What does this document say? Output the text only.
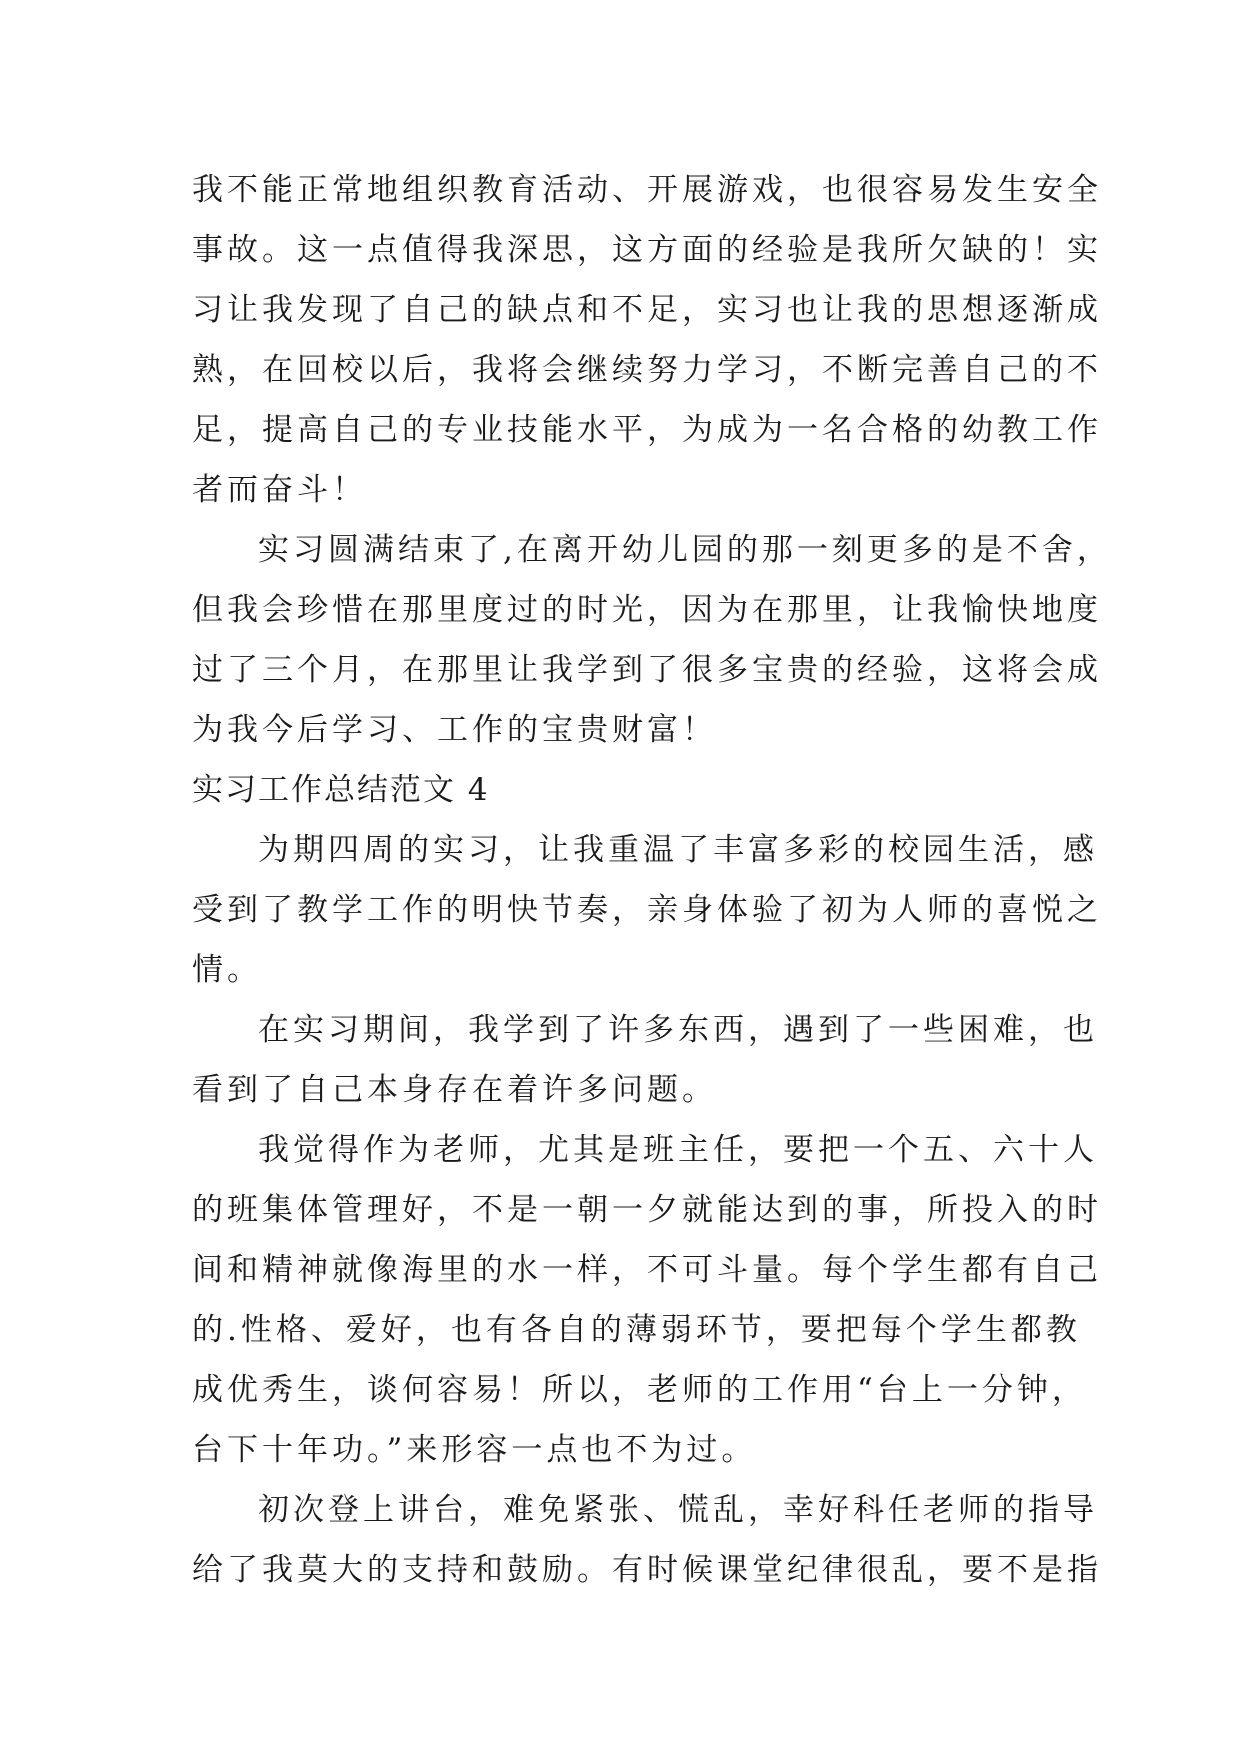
我不能正常地组织教育活动、开展游戏，也很容易发生安全
事故。这一点值得我深思，这方面的经验是我所欠缺的！实
习让我发现了自己的缺点和不足，实习也让我的思想逐渐成
熟，在回校以后，我将会继续努力学习，不断完善自己的不
足，提高自己的专业技能水平，为成为一名合格的幼教工作
者而奋斗！
实习圆满结束了,在离开幼儿园的那一刻更多的是不舍，
但我会珍惜在那里度过的时光，因为在那里，让我愉快地度
过了三个月，在那里让我学到了很多宝贵的经验，这将会成
为我今后学习、工作的宝贵财富！
实习工作总结范文 4
为期四周的实习，让我重温了丰富多彩的校园生活，感
受到了教学工作的明快节奏，亲身体验了初为人师的喜悦之
情。
在实习期间，我学到了许多东西，遇到了一些困难，也
看到了自己本身存在着许多问题。
我觉得作为老师，尤其是班主任，要把一个五、六十人
的班集体管理好，不是一朝一夕就能达到的事，所投入的时
间和精神就像海里的水一样，不可斗量。每个学生都有自己
的.性格、爱好，也有各自的薄弱环节，要把每个学生都教
成优秀生，谈何容易！所以，老师的工作用“台上一分钟，
台下十年功。”来形容一点也不为过。
初次登上讲台，难免紧张、慌乱，幸好科任老师的指导
给了我莫大的支持和鼓励。有时候课堂纪律很乱，要不是指
